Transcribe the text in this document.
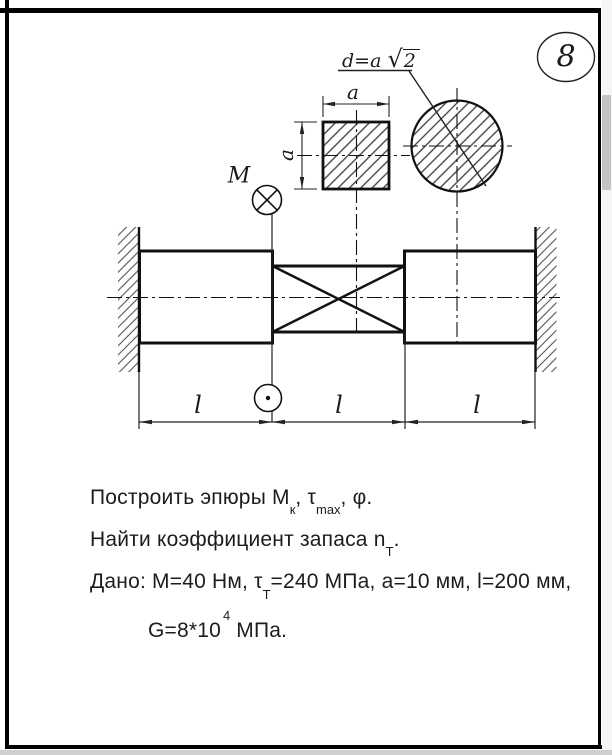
M
a
a
l	l	l
8
d=a √2
Построить эпюры $М_к$, $\tau_{max}$, φ.
Найти коэффициент запаса $n_Т$.
Дано: M=40 Нм, $\tau_Т=240$ МПа, a=10 мм, l=200 мм,
$G=8*10^4$ МПа.
